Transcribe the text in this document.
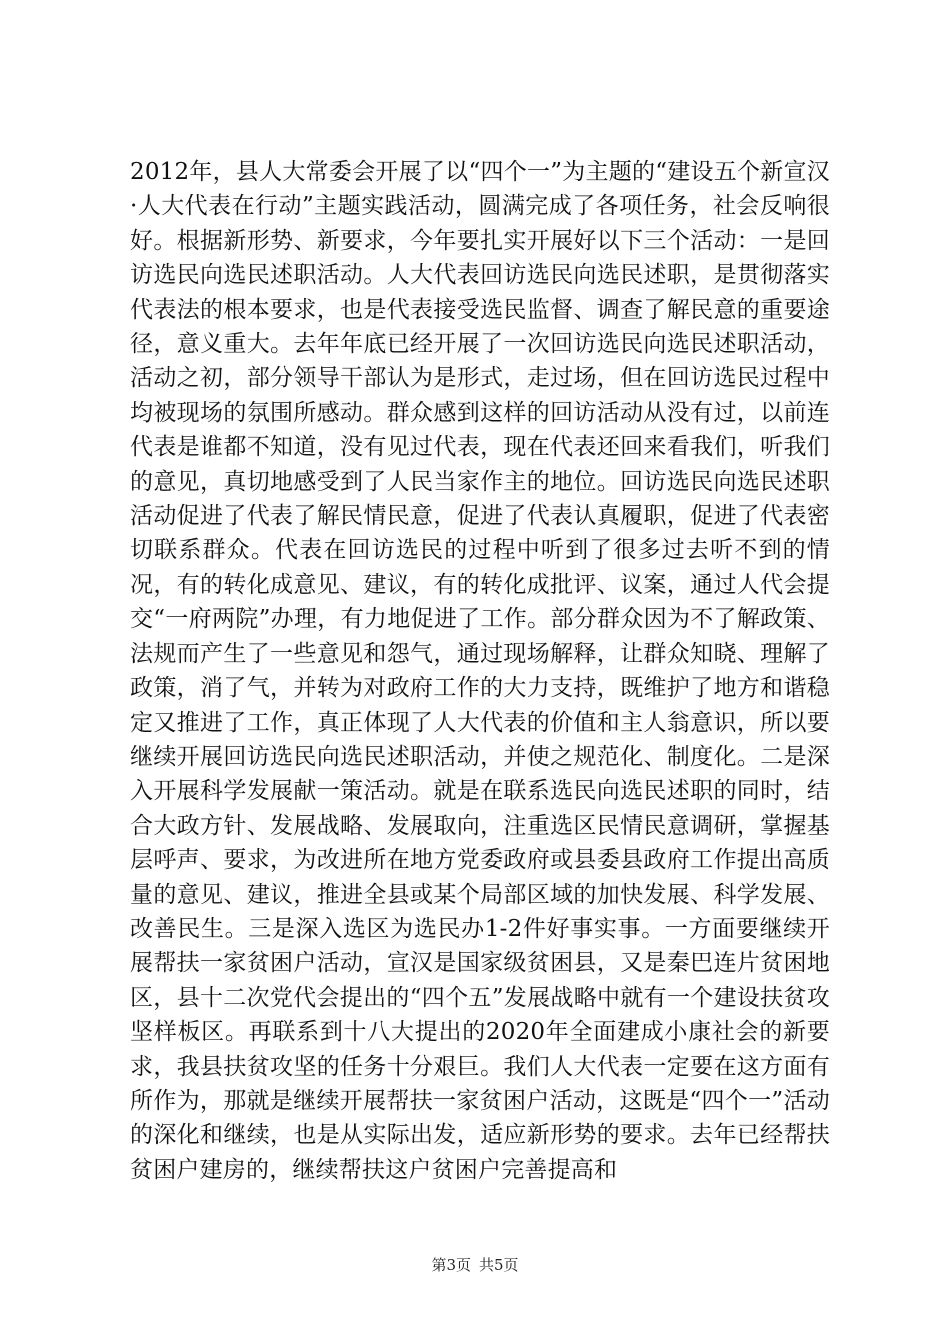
2012年，县人大常委会开展了以“四个一”为主题的“建设五个新宣汉·人大代表在行动”主题实践活动，圆满完成了各项任务，社会反响很好。根据新形势、新要求，今年要扎实开展好以下三个活动：一是回访选民向选民述职活动。人大代表回访选民向选民述职，是贯彻落实代表法的根本要求，也是代表接受选民监督、调查了解民意的重要途径，意义重大。去年年底已经开展了一次回访选民向选民述职活动，活动之初，部分领导干部认为是形式，走过场，但在回访选民过程中均被现场的氛围所感动。群众感到这样的回访活动从没有过，以前连代表是谁都不知道，没有见过代表，现在代表还回来看我们，听我们的意见，真切地感受到了人民当家作主的地位。回访选民向选民述职活动促进了代表了解民情民意，促进了代表认真履职，促进了代表密切联系群众。代表在回访选民的过程中听到了很多过去听不到的情况，有的转化成意见、建议，有的转化成批评、议案，通过人代会提交“一府两院”办理，有力地促进了工作。部分群众因为不了解政策、法规而产生了一些意见和怨气，通过现场解释，让群众知晓、理解了政策，消了气，并转为对政府工作的大力支持，既维护了地方和谐稳定又推进了工作，真正体现了人大代表的价值和主人翁意识，所以要继续开展回访选民向选民述职活动，并使之规范化、制度化。二是深入开展科学发展献一策活动。就是在联系选民向选民述职的同时，结合大政方针、发展战略、发展取向，注重选区民情民意调研，掌握基层呼声、要求，为改进所在地方党委政府或县委县政府工作提出高质量的意见、建议，推进全县或某个局部区域的加快发展、科学发展、改善民生。三是深入选区为选民办1-2件好事实事。一方面要继续开展帮扶一家贫困户活动，宣汉是国家级贫困县，又是秦巴连片贫困地区，县十二次党代会提出的“四个五”发展战略中就有一个建设扶贫攻坚样板区。再联系到十八大提出的2020年全面建成小康社会的新要求，我县扶贫攻坚的任务十分艰巨。我们人大代表一定要在这方面有所作为，那就是继续开展帮扶一家贫困户活动，这既是“四个一”活动的深化和继续，也是从实际出发，适应新形势的要求。去年已经帮扶贫困户建房的，继续帮扶这户贫困户完善提高和

第3页 共5页
